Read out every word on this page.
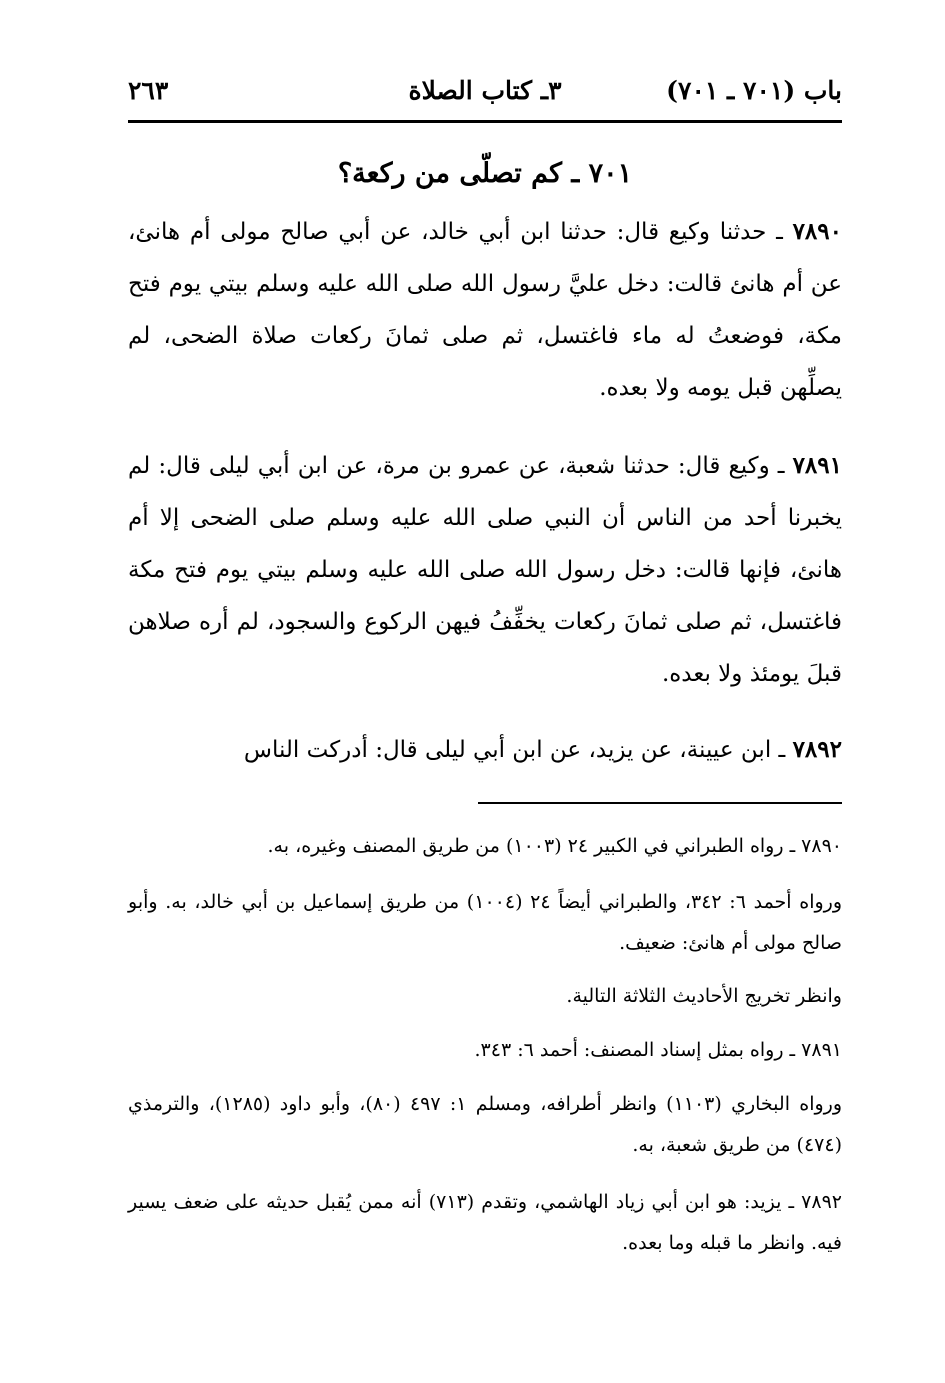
باب (٧٠١ ـ ٧٠١)
٣ـ كتاب الصلاة
٢٦٣
٧٠١ ـ كم تصلّى من ركعة؟

٧٨٩٠ ـ حدثنا وكيع قال: حدثنا ابن أبي خالد، عن أبي صالح مولى أم هانئ، عن أم هانئ قالت: دخل عليَّ رسول الله صلى الله عليه وسلم بيتي يوم فتح مكة، فوضعتُ له ماء فاغتسل، ثم صلى ثمانَ ركعات صلاة الضحى، لم يصلِّهن قبل يومه ولا بعده.

٧٨٩١ ـ وكيع قال: حدثنا شعبة، عن عمرو بن مرة، عن ابن أبي ليلى قال: لم يخبرنا أحد من الناس أن النبي صلى الله عليه وسلم صلى الضحى إلا أم هانئ، فإنها قالت: دخل رسول الله صلى الله عليه وسلم بيتي يوم فتح مكة فاغتسل، ثم صلى ثمانَ ركعات يخفِّفُ فيهن الركوع والسجود، لم أره صلاهن قبلَ يومئذ ولا بعده.

٧٨٩٢ ـ ابن عيينة، عن يزيد، عن ابن أبي ليلى قال: أدركت الناس

٧٨٩٠ ـ رواه الطبراني في الكبير ٢٤ (١٠٠٣) من طريق المصنف وغيره، به.

ورواه أحمد ٦: ٣٤٢، والطبراني أيضاً ٢٤ (١٠٠٤) من طريق إسماعيل بن أبي خالد، به. وأبو صالح مولى أم هانئ: ضعيف.

وانظر تخريج الأحاديث الثلاثة التالية.

٧٨٩١ ـ رواه بمثل إسناد المصنف: أحمد ٦: ٣٤٣.

ورواه البخاري (١١٠٣) وانظر أطرافه، ومسلم ١: ٤٩٧ (٨٠)، وأبو داود (١٢٨٥)، والترمذي (٤٧٤) من طريق شعبة، به.

٧٨٩٢ ـ يزيد: هو ابن أبي زياد الهاشمي، وتقدم (٧١٣) أنه ممن يُقبل حديثه على ضعف يسير فيه. وانظر ما قبله وما بعده.
